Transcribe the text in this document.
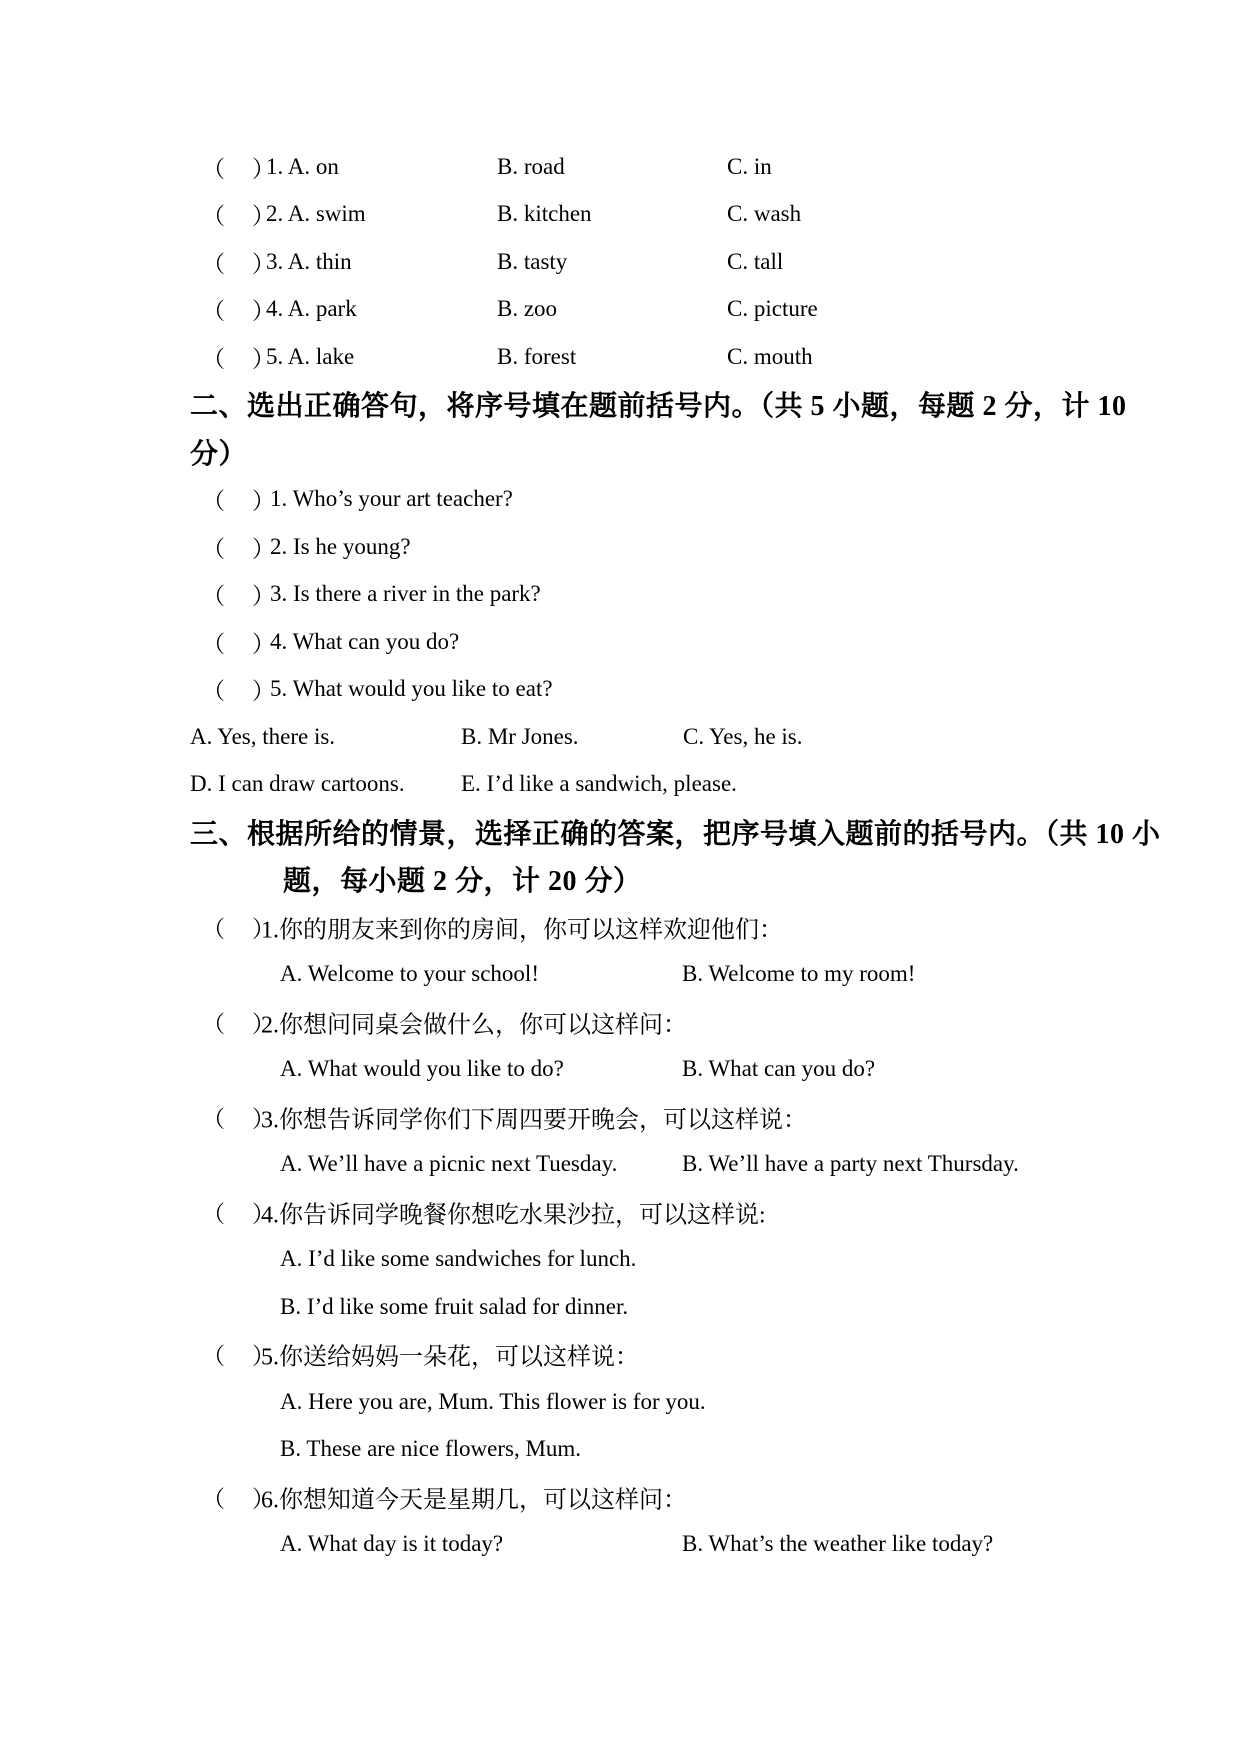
（　）
1. A. on	B. road	C. in
（　）
2. A. swim	B. kitchen	C. wash
（　）
3. A. thin	B. tasty	C. tall
（　）
4. A. park	B. zoo	C. picture
（　）
5. A. lake	B. forest	C. mouth
二、选出正确答句，将序号填在题前括号内。（共 5 小题，每题 2 分，计 10
分）
（　）
1. Who’s your art teacher?
（　）
2. Is he young?
（　）
3. Is there a river in the park?
（　）
4. What can you do?
（　）
5. What would you like to eat?
A. Yes, there is.	B. Mr Jones.	C. Yes, he is.
D. I can draw cartoons. E. I’d like a sandwich, please.
三、根据所给的情景，选择正确的答案，把序号填入题前的括号内。（共 10 小
题，每小题 2 分，计 20 分）
（　）
1.你的朋友来到你的房间，你可以这样欢迎他们：
A. Welcome to your school!	B. Welcome to my room!
（　）
2.你想问同桌会做什么，你可以这样问：
A. What would you like to do?	B. What can you do?
（　）
3.你想告诉同学你们下周四要开晚会，可以这样说：
A. We’ll have a picnic next Tuesday.	B. We’ll have a party next Thursday.
（　）
4.你告诉同学晚餐你想吃水果沙拉，可以这样说:
A. I’d like some sandwiches for lunch.
B. I’d like some fruit salad for dinner.
（　）
5.你送给妈妈一朵花，可以这样说：
A. Here you are, Mum. This flower is for you.
B. These are nice flowers, Mum.
（　）
6.你想知道今天是星期几，可以这样问：
A. What day is it today?	B. What’s the weather like today?
